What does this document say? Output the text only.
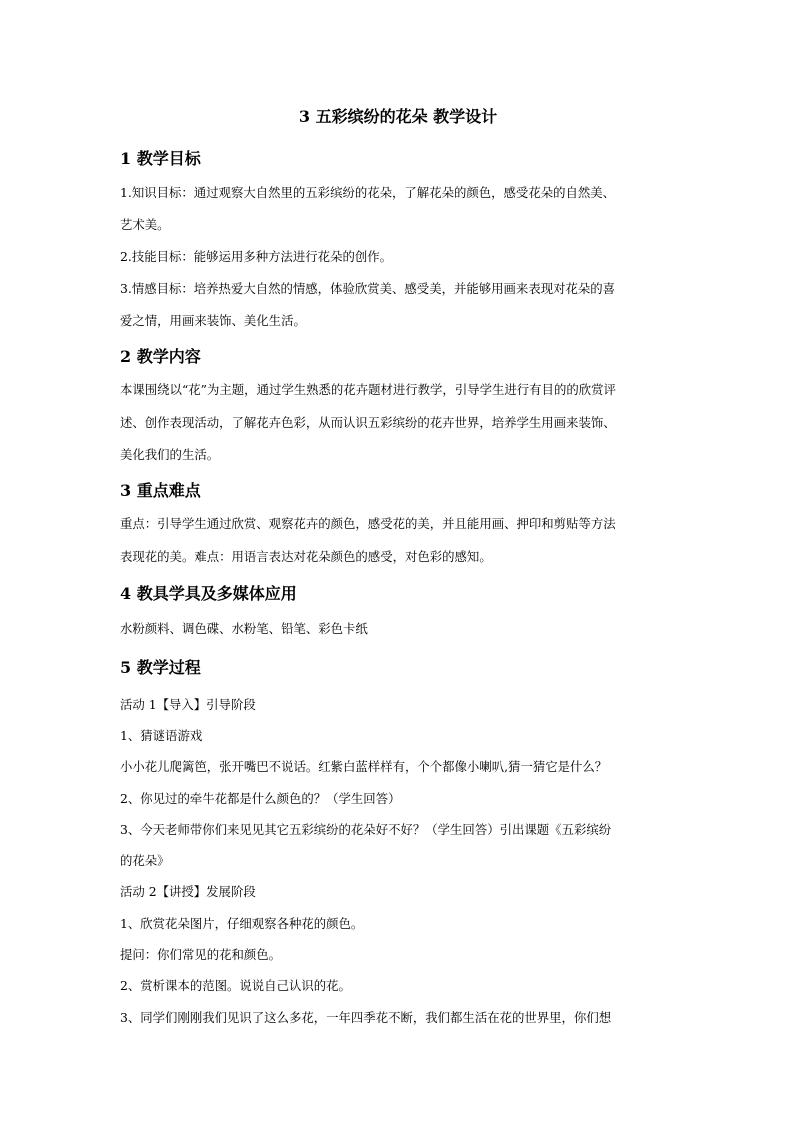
3 五彩缤纷的花朵 教学设计
1 教学目标
1.知识目标：通过观察大自然里的五彩缤纷的花朵，了解花朵的颜色，感受花朵的自然美、
艺术美。
2.技能目标：能够运用多种方法进行花朵的创作。
3.情感目标：培养热爱大自然的情感，体验欣赏美、感受美，并能够用画来表现对花朵的喜
爱之情，用画来装饰、美化生活。
2 教学内容
本课围绕以“花”为主题，通过学生熟悉的花卉题材进行教学，引导学生进行有目的的欣赏评
述、创作表现活动，了解花卉色彩，从而认识五彩缤纷的花卉世界，培养学生用画来装饰、
美化我们的生活。
3 重点难点
重点：引导学生通过欣赏、观察花卉的颜色，感受花的美，并且能用画、押印和剪贴等方法
表现花的美。难点：用语言表达对花朵颜色的感受，对色彩的感知。
4 教具学具及多媒体应用
水粉颜料、调色碟、水粉笔、铅笔、彩色卡纸
5 教学过程
活动 1【导入】引导阶段
1、猜谜语游戏
小小花儿爬篱笆，张开嘴巴不说话。红紫白蓝样样有，个个都像小喇叭,猜一猜它是什么？
2、你见过的牵牛花都是什么颜色的？（学生回答）
3、今天老师带你们来见见其它五彩缤纷的花朵好不好？（学生回答）引出课题《五彩缤纷
的花朵》
活动 2【讲授】发展阶段
1、欣赏花朵图片，仔细观察各种花的颜色。
提问：你们常见的花和颜色。
2、赏析课本的范图。说说自己认识的花。
3、同学们刚刚我们见识了这么多花，一年四季花不断，我们都生活在花的世界里，你们想
